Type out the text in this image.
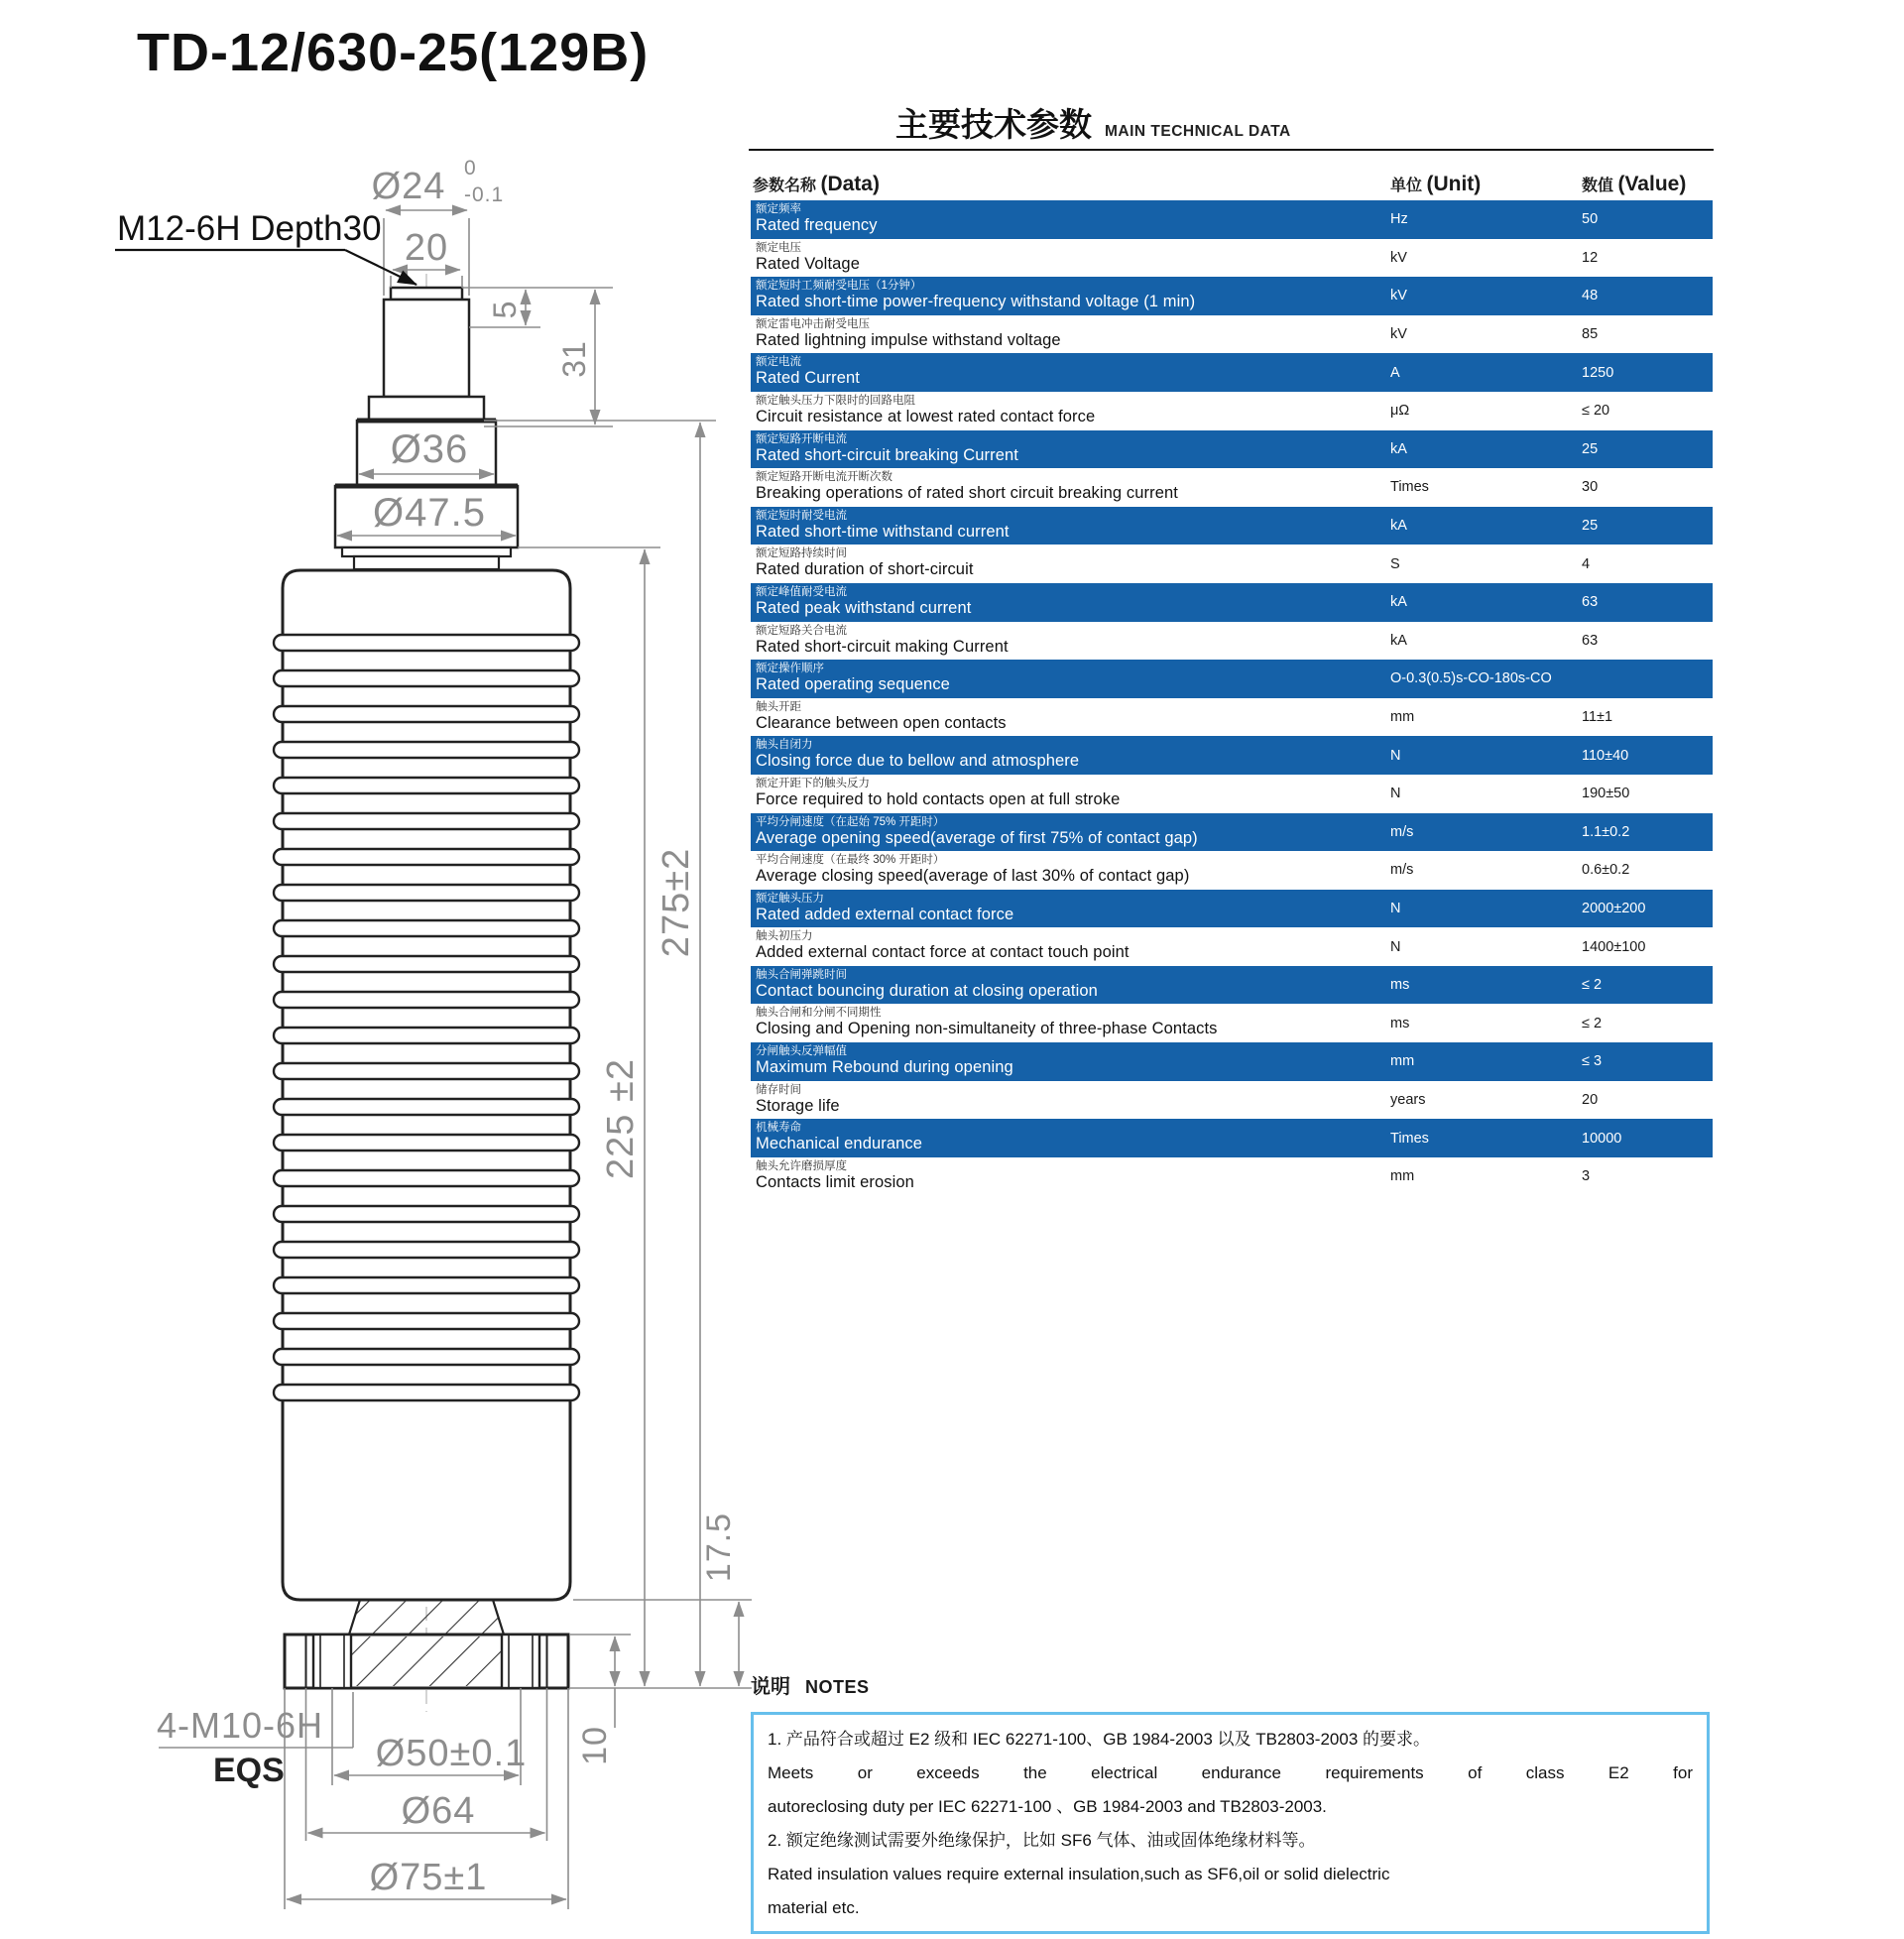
TD-12/630-25(129B)
Ø24 0
-0.1
20
5
31
Ø36
Ø47.5
225 ±2
275±2
17.5
10
Ø50±0.1
Ø64
Ø75±1
4-M10-6H
EQS
M12-6H Depth30
主要技术参数 MAIN TECHNICAL DATA
参数名称 (Data)	单位 (Unit)	数值 (Value)
额定频率
Rated frequency	Hz	50
额定电压
Rated Voltage	kV	12
额定短时工频耐受电压（1分钟）
Rated short-time power-frequency withstand voltage (1 min)	kV	48
额定雷电冲击耐受电压
Rated lightning impulse withstand voltage	kV	85
额定电流
Rated Current	A	1250
额定触头压力下限时的回路电阻
Circuit resistance at lowest rated contact force	μΩ	≤ 20
额定短路开断电流
Rated short-circuit breaking Current	kA	25
额定短路开断电流开断次数
Breaking operations of rated short circuit breaking current	Times	30
额定短时耐受电流
Rated short-time withstand current	kA	25
额定短路持续时间
Rated duration of short-circuit	S	4
额定峰值耐受电流
Rated peak withstand current	kA	63
额定短路关合电流
Rated short-circuit making Current	kA	63
额定操作顺序
Rated operating sequence	O-0.3(0.5)s-CO-180s-CO
触头开距
Clearance between open contacts	mm	11±1
触头自闭力
Closing force due to bellow and atmosphere	N	110±40
额定开距下的触头反力
Force required to hold contacts open at full stroke	N	190±50
平均分闸速度（在起始 75% 开距时）
Average opening speed(average of first 75% of contact gap)	m/s	1.1±0.2
平均合闸速度（在最终 30% 开距时）
Average closing speed(average of last 30% of contact gap)	m/s	0.6±0.2
额定触头压力
Rated added external contact force	N	2000±200
触头初压力
Added external contact force at contact touch point	N	1400±100
触头合闸弹跳时间
Contact bouncing duration at closing operation	ms	≤ 2
触头合闸和分闸不同期性
Closing and Opening non-simultaneity of three-phase Contacts	ms	≤ 2
分闸触头反弹幅值
Maximum Rebound during opening	mm	≤ 3
储存时间
Storage life	years	20
机械寿命
Mechanical endurance	Times	10000
触头允许磨损厚度
Contacts limit erosion	mm	3
说明 NOTES
1. 产品符合或超过 E2 级和 IEC 62271-100、GB 1984-2003 以及 TB2803-2003 的要求。
Meets or exceeds the electrical endurance requirements of class E2 for
autoreclosing duty per IEC 62271-100 、GB 1984-2003 and TB2803-2003.
2. 额定绝缘测试需要外绝缘保护，比如 SF6 气体、油或固体绝缘材料等。
Rated insulation values require external insulation,such as SF6,oil or solid dielectric
material etc.
